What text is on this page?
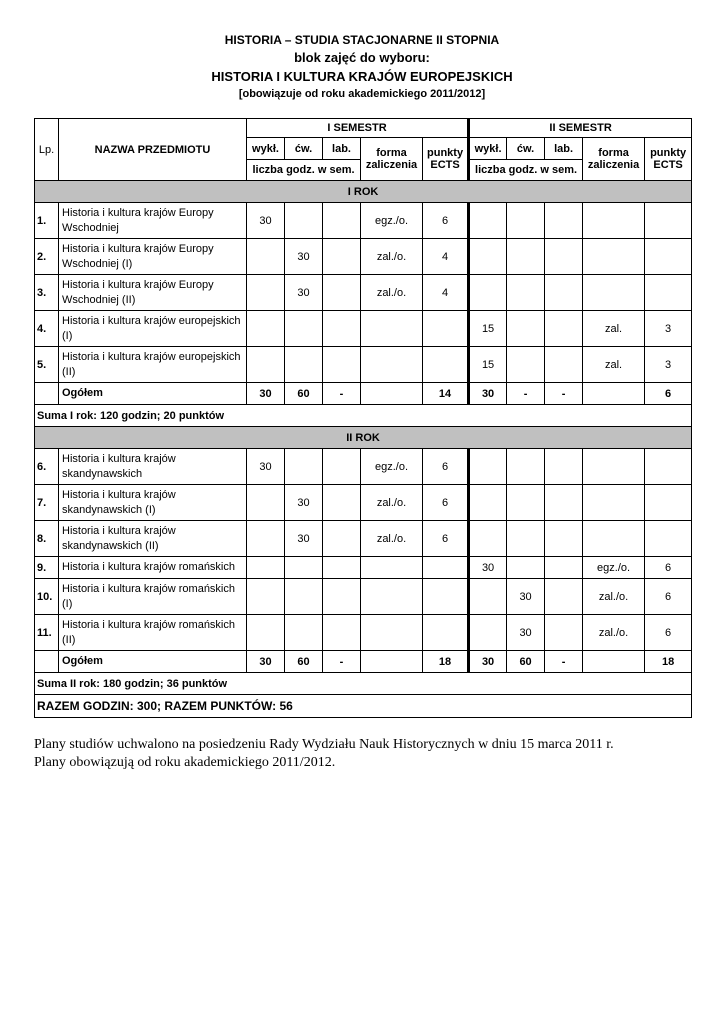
HISTORIA – STUDIA STACJONARNE II STOPNIA
blok zajęć do wyboru:
HISTORIA I KULTURA KRAJÓW EUROPEJSKICH
[obowiązuje od roku akademickiego 2011/2012]
Lp.	NAZWA PRZEDMIOTU	I SEMESTR					II SEMESTR				
		wykł.	ćw.	lab.	forma zaliczenia	punkty ECTS	wykł.	ćw.	lab.	forma zaliczenia	punkty ECTS
		liczba godz. w sem.					liczba godz. w sem.				
I ROK											
1.	Historia i kultura krajów Europy Wschodniej	30			egz./o.	6					
2.	Historia i kultura krajów Europy Wschodniej (I)		30		zal./o.	4					
3.	Historia i kultura krajów Europy Wschodniej (II)		30		zal./o.	4					
4.	Historia i kultura krajów europejskich (I)						15			zal.	3
5.	Historia i kultura krajów europejskich (II)						15			zal.	3
	Ogółem	30	60	-		14	30	-	-		6
Suma I rok: 120 godzin; 20 punktów											
II ROK											
6.	Historia i kultura krajów skandynawskich	30			egz./o.	6					
7.	Historia i kultura krajów skandynawskich (I)		30		zal./o.	6					
8.	Historia i kultura krajów skandynawskich (II)		30		zal./o.	6					
9.	Historia i kultura krajów romańskich						30			egz./o.	6
10.	Historia i kultura krajów romańskich (I)							30		zal./o.	6
11.	Historia i kultura krajów romańskich (II)							30		zal./o.	6
	Ogółem	30	60	-		18	30	60	-		18
Suma II rok: 180 godzin; 36 punktów											
RAZEM GODZIN: 300; RAZEM PUNKTÓW: 56											
Plany studiów uchwalono na posiedzeniu Rady Wydziału Nauk Historycznych w dniu 15 marca 2011 r.
Plany obowiązują od roku akademickiego 2011/2012.
